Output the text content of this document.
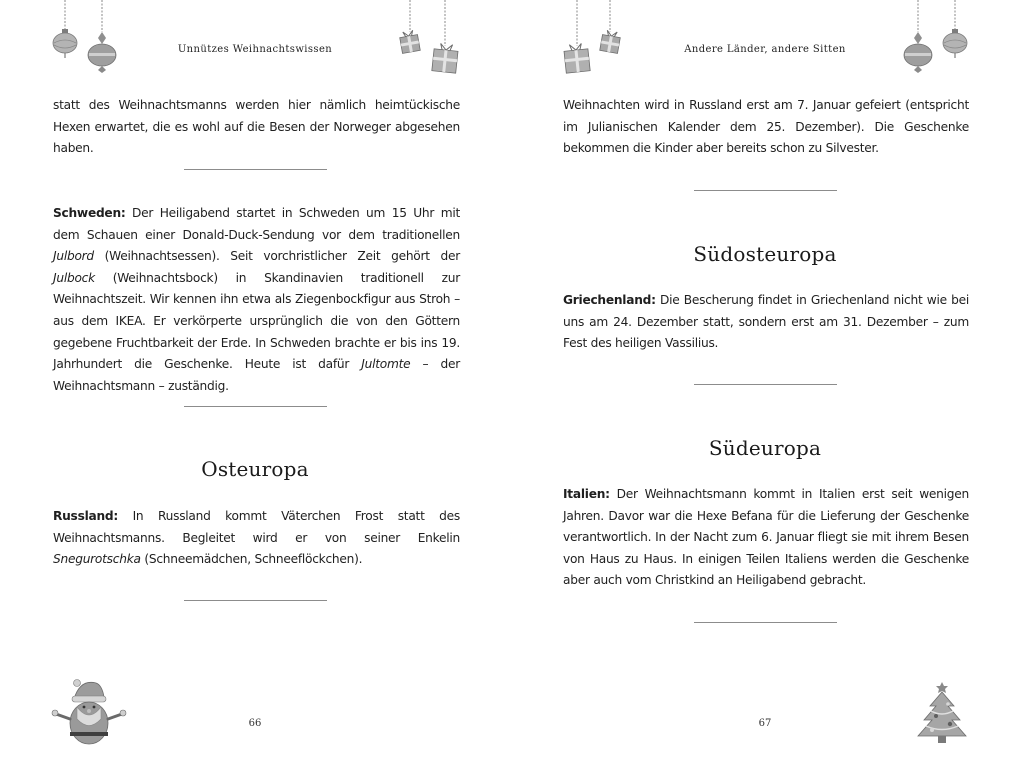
Unnützes Weihnachtswissen

statt des Weihnachtsmanns werden hier nämlich heimtückische Hexen erwartet, die es wohl auf die Besen der Norweger abgesehen haben.

Schweden: Der Heiligabend startet in Schweden um 15 Uhr mit dem Schauen einer Donald-Duck-Sendung vor dem traditionellen Julbord (Weihnachtsessen). Seit vorchristlicher Zeit gehört der Julbock (Weihnachtsbock) in Skandinavien traditionell zur Weihnachtszeit. Wir kennen ihn etwa als Ziegenbockfigur aus Stroh – aus dem IKEA. Er verkörperte ursprünglich die von den Göttern gegebene Fruchtbarkeit der Erde. In Schweden brachte er bis ins 19. Jahrhundert die Geschenke. Heute ist dafür Jultomte – der Weihnachtsmann – zuständig.

Osteuropa

Russland: In Russland kommt Väterchen Frost statt des Weihnachtsmanns. Begleitet wird er von seiner Enkelin Snegurotschka (Schneemädchen, Schneeflöckchen).

66
Andere Länder, andere Sitten

Weihnachten wird in Russland erst am 7. Januar gefeiert (entspricht im Julianischen Kalender dem 25. Dezember). Die Geschenke bekommen die Kinder aber bereits schon zu Silvester.

Südosteuropa

Griechenland: Die Bescherung findet in Griechenland nicht wie bei uns am 24. Dezember statt, sondern erst am 31. Dezember – zum Fest des heiligen Vassilius.

Südeuropa

Italien: Der Weihnachtsmann kommt in Italien erst seit wenigen Jahren. Davor war die Hexe Befana für die Lieferung der Geschenke verantwortlich. In der Nacht zum 6. Januar fliegt sie mit ihrem Besen von Haus zu Haus. In einigen Teilen Italiens werden die Geschenke aber auch vom Christkind an Heiligabend gebracht.

67
